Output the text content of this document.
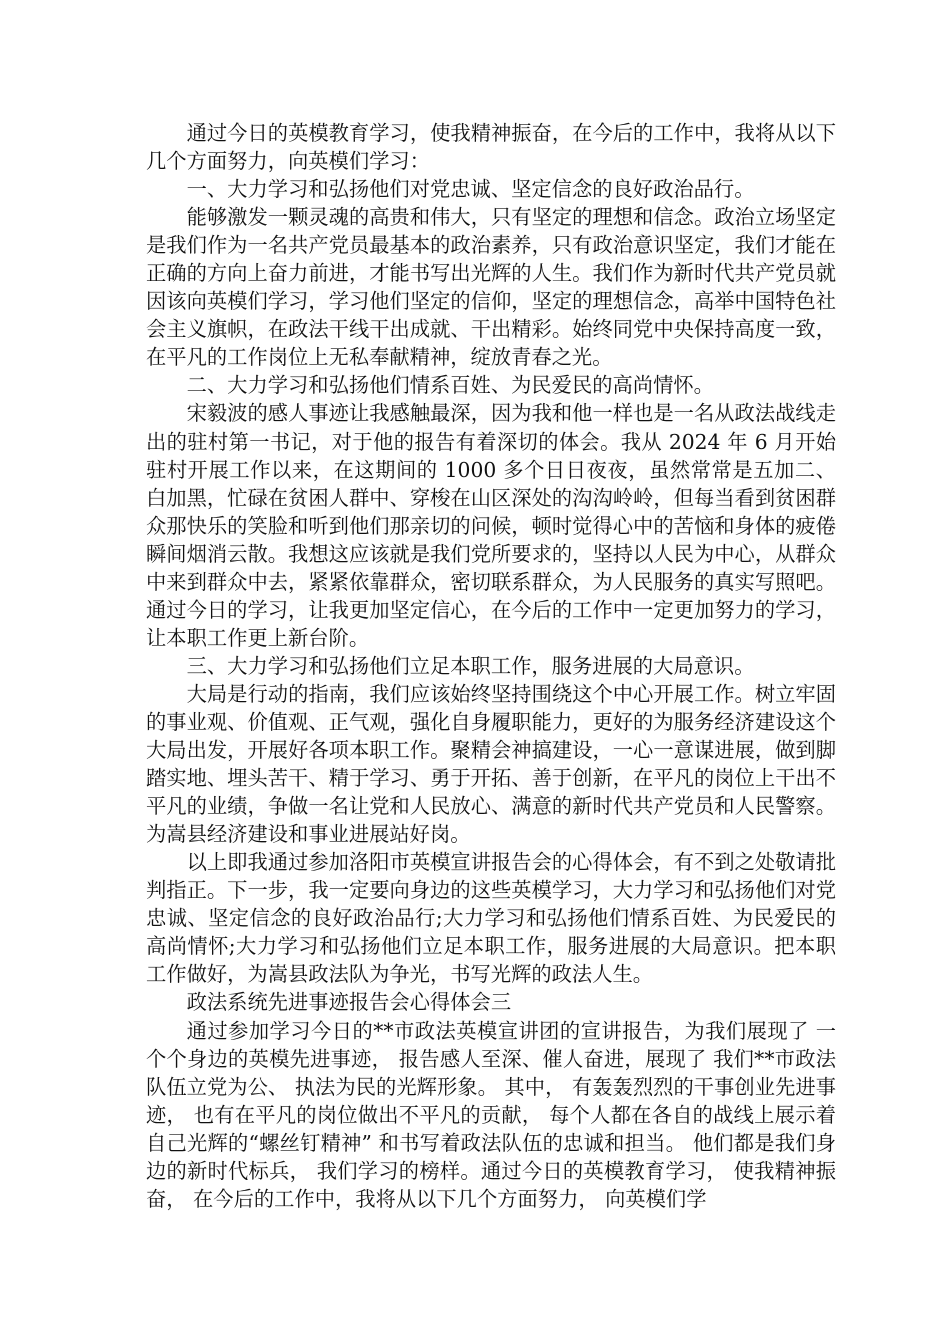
通过今日的英模教育学习，使我精神振奋，在今后的工作中，我将从以下几个方面努力，向英模们学习：

一、大力学习和弘扬他们对党忠诚、坚定信念的良好政治品行。

能够激发一颗灵魂的高贵和伟大，只有坚定的理想和信念。政治立场坚定是我们作为一名共产党员最基本的政治素养，只有政治意识坚定，我们才能在正确的方向上奋力前进，才能书写出光辉的人生。我们作为新时代共产党员就因该向英模们学习，学习他们坚定的信仰，坚定的理想信念，高举中国特色社会主义旗帜，在政法干线干出成就、干出精彩。始终同党中央保持高度一致，在平凡的工作岗位上无私奉献精神，绽放青春之光。

二、大力学习和弘扬他们情系百姓、为民爱民的高尚情怀。

宋毅波的感人事迹让我感触最深，因为我和他一样也是一名从政法战线走出的驻村第一书记，对于他的报告有着深切的体会。我从 2024 年 6 月开始驻村开展工作以来，在这期间的 1000 多个日日夜夜，虽然常常是五加二、白加黑，忙碌在贫困人群中、穿梭在山区深处的沟沟岭岭，但每当看到贫困群众那快乐的笑脸和听到他们那亲切的问候，顿时觉得心中的苦恼和身体的疲倦瞬间烟消云散。我想这应该就是我们党所要求的，坚持以人民为中心，从群众中来到群众中去，紧紧依靠群众，密切联系群众，为人民服务的真实写照吧。通过今日的学习，让我更加坚定信心，在今后的工作中一定更加努力的学习，让本职工作更上新台阶。

三、大力学习和弘扬他们立足本职工作，服务进展的大局意识。

大局是行动的指南，我们应该始终坚持围绕这个中心开展工作。树立牢固的事业观、价值观、正气观，强化自身履职能力，更好的为服务经济建设这个大局出发，开展好各项本职工作。聚精会神搞建设，一心一意谋进展，做到脚踏实地、埋头苦干、精于学习、勇于开拓、善于创新，在平凡的岗位上干出不平凡的业绩，争做一名让党和人民放心、满意的新时代共产党员和人民警察。为嵩县经济建设和事业进展站好岗。

以上即我通过参加洛阳市英模宣讲报告会的心得体会，有不到之处敬请批判指正。下一步，我一定要向身边的这些英模学习，大力学习和弘扬他们对党忠诚、坚定信念的良好政治品行;大力学习和弘扬他们情系百姓、为民爱民的高尚情怀;大力学习和弘扬他们立足本职工作，服务进展的大局意识。把本职工作做好，为嵩县政法队为争光，书写光辉的政法人生。

政法系统先进事迹报告会心得体会三

通过参加学习今日的**市政法英模宣讲团的宣讲报告，为我们展现了 一个个身边的英模先进事迹， 报告感人至深、催人奋进，展现了 我们**市政法队伍立党为公、 执法为民的光辉形象。 其中， 有轰轰烈烈的干事创业先进事迹， 也有在平凡的岗位做出不平凡的贡献， 每个人都在各自的战线上展示着自己光辉的“螺丝钉精神” 和书写着政法队伍的忠诚和担当。 他们都是我们身边的新时代标兵， 我们学习的榜样。通过今日的英模教育学习， 使我精神振奋， 在今后的工作中，我将从以下几个方面努力， 向英模们学
